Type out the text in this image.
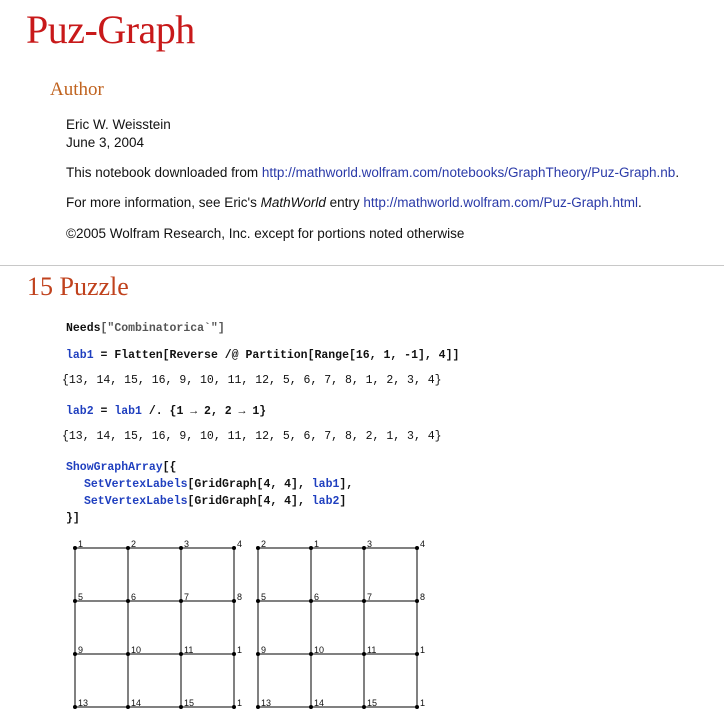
Puz-Graph
Author
Eric W. Weisstein
June 3, 2004
This notebook downloaded from http://mathworld.wolfram.com/notebooks/GraphTheory/Puz-Graph.nb.
For more information, see Eric's MathWorld entry http://mathworld.wolfram.com/Puz-Graph.html.
©2005 Wolfram Research, Inc. except for portions noted otherwise
15 Puzzle
Needs["Combinatorica`"]
lab1 = Flatten[Reverse /@ Partition[Range[16, 1, -1], 4]]
{13, 14, 15, 16, 9, 10, 11, 12, 5, 6, 7, 8, 1, 2, 3, 4}
lab2 = lab1 /. {1 → 2, 2 → 1}
{13, 14, 15, 16, 9, 10, 11, 12, 5, 6, 7, 8, 2, 1, 3, 4}
ShowGraphArray[{
SetVertexLabels[GridGraph[4, 4], lab1],
SetVertexLabels[GridGraph[4, 4], lab2]
}]
1	2	3	4
5	6	7	8
9	10	11	1
13	14	15	1
2	1	3	4
5	6	7	8
9	10	11	1
13	14	15	1
